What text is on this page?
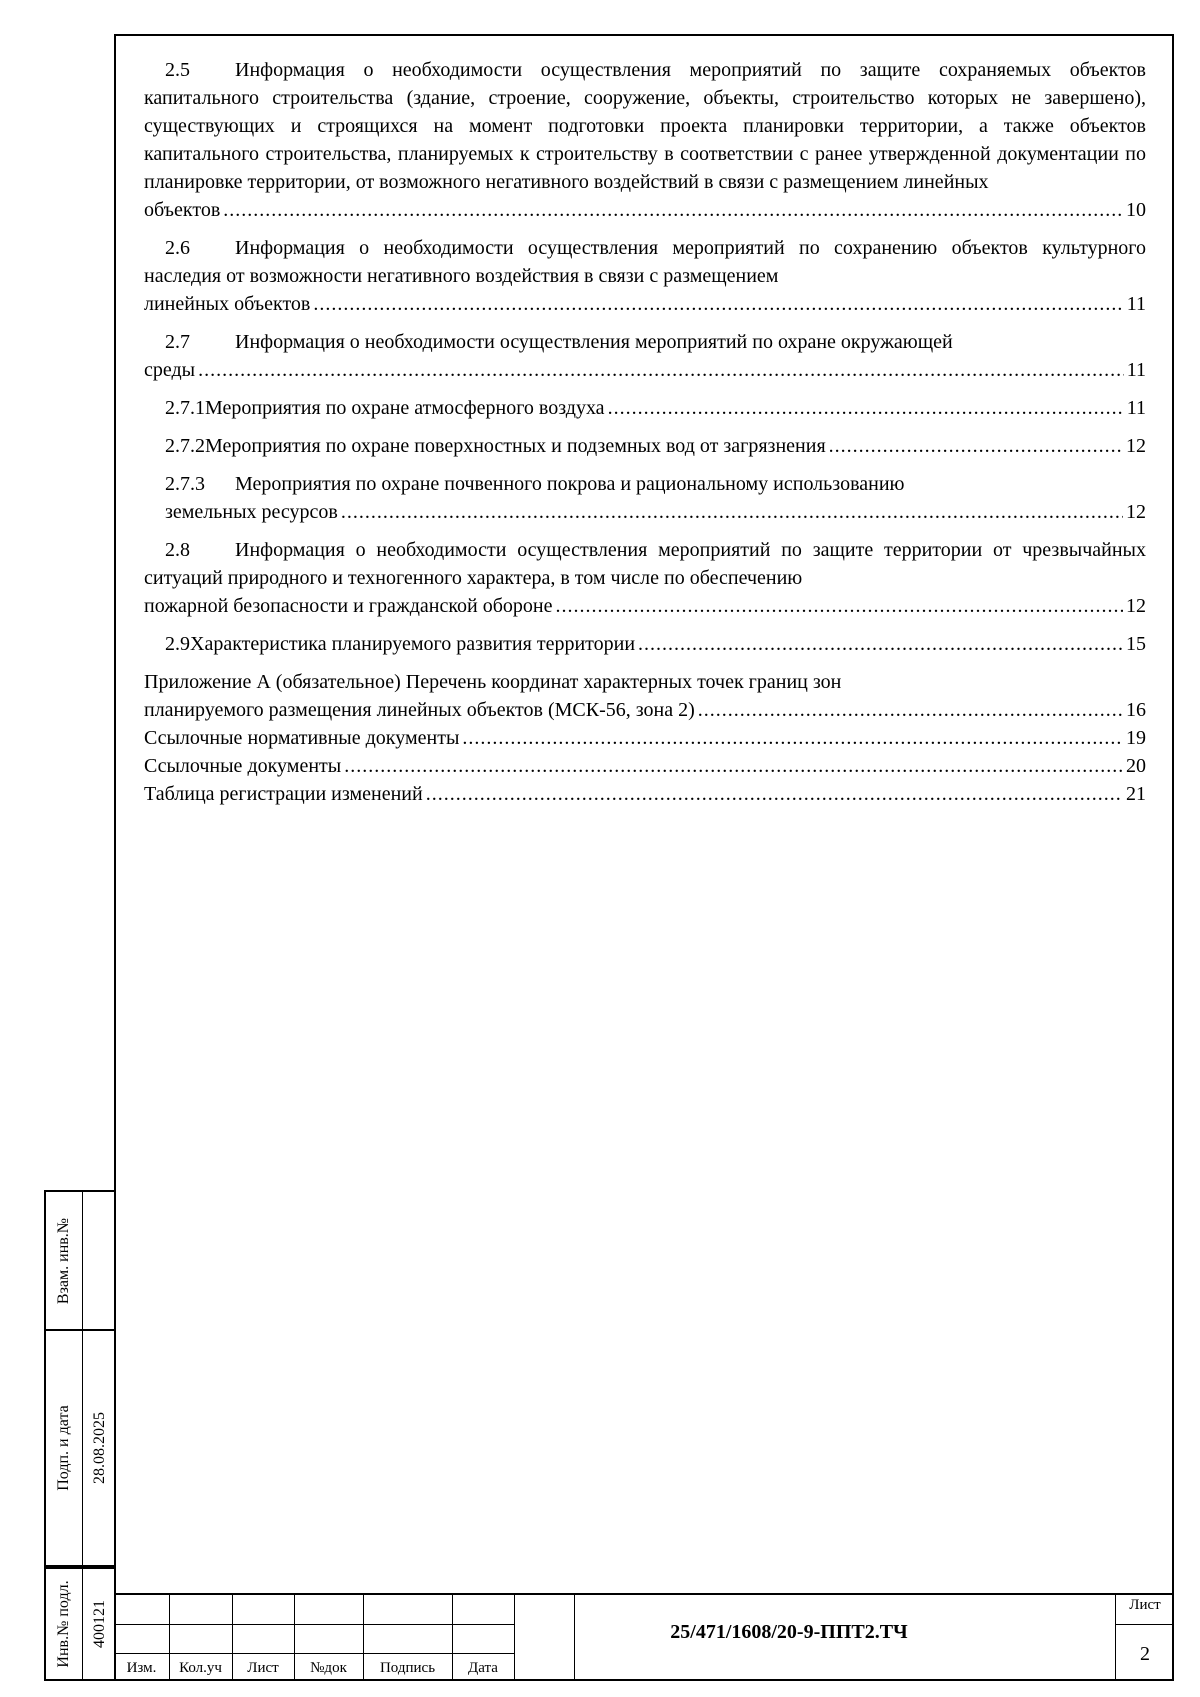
2.5 Информация о необходимости осуществления мероприятий по защите сохраняемых объектов капитального строительства (здание, строение, сооружение, объекты, строительство которых не завершено), существующих и строящихся на момент подготовки проекта планировки территории, а также объектов капитального строительства, планируемых к строительству в соответствии с ранее утвержденной документации по планировке территории, от возможного негативного воздействий в связи с размещением линейных
объектов .....	10
2.6 Информация о необходимости осуществления мероприятий по сохранению объектов культурного наследия от возможности негативного воздействия в связи с размещением
линейных объектов .....	11
2.7 Информация о необходимости осуществления мероприятий по охране окружающей
среды .....	11
2.7.1 Мероприятия по охране атмосферного воздуха .....	11
2.7.2 Мероприятия по охране поверхностных и подземных вод от загрязнения .....	12
2.7.3 Мероприятия по охране почвенного покрова и рациональному использованию
земельных ресурсов .....	12
2.8 Информация о необходимости осуществления мероприятий по защите территории от чрезвычайных ситуаций природного и техногенного характера, в том числе по обеспечению
пожарной безопасности и гражданской обороне .....	12
2.9 Характеристика планируемого развития территории .....	15
Приложение А (обязательное) Перечень координат характерных точек границ зон
планируемого размещения линейных объектов (МСК-56, зона 2) .....	16
Ссылочные нормативные документы .....	19
Ссылочные документы .....	20
Таблица регистрации изменений .....	21
Взам. инв.№
Подп. и дата 28.08.2025
Инв.№ подл. 400121
Изм.	Кол.уч	Лист	№док	Подпись	Дата
25/471/1608/20-9-ППТ2.ТЧ
Лист
2
